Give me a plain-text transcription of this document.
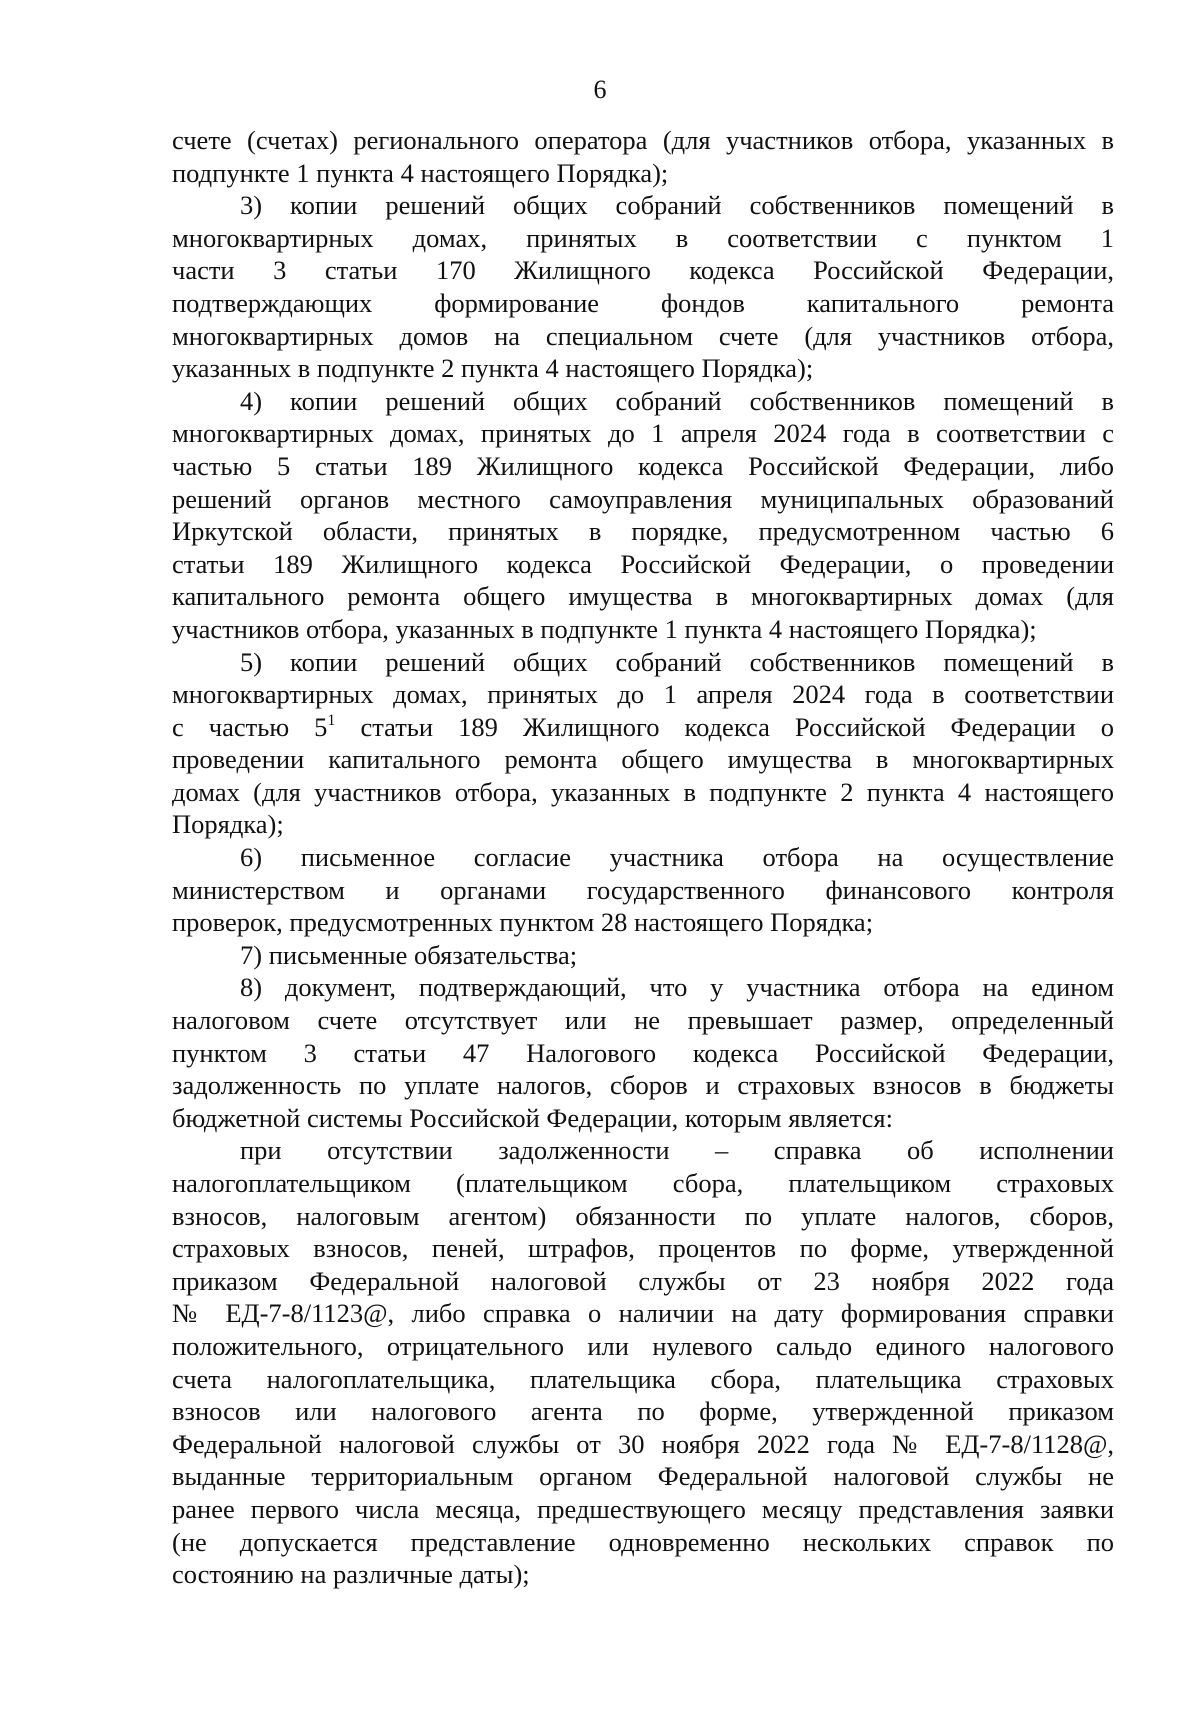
6
счете (счетах) регионального оператора (для участников отбора, указанных в
подпункте 1 пункта 4 настоящего Порядка);
3) копии решений общих собраний собственников помещений в
многоквартирных домах, принятых в соответствии с пунктом 1
части 3 статьи 170 Жилищного кодекса Российской Федерации,
подтверждающих формирование фондов капитального ремонта
многоквартирных домов на специальном счете (для участников отбора,
указанных в подпункте 2 пункта 4 настоящего Порядка);
4) копии решений общих собраний собственников помещений в
многоквартирных домах, принятых до 1 апреля 2024 года в соответствии с
частью 5 статьи 189 Жилищного кодекса Российской Федерации, либо
решений органов местного самоуправления муниципальных образований
Иркутской области, принятых в порядке, предусмотренном частью 6
статьи 189 Жилищного кодекса Российской Федерации, о проведении
капитального ремонта общего имущества в многоквартирных домах (для
участников отбора, указанных в подпункте 1 пункта 4 настоящего Порядка);
5) копии решений общих собраний собственников помещений в
многоквартирных домах, принятых до 1 апреля 2024 года в соответствии
с частью $5^1$ статьи 189 Жилищного кодекса Российской Федерации о
проведении капитального ремонта общего имущества в многоквартирных
домах (для участников отбора, указанных в подпункте 2 пункта 4 настоящего
Порядка);
6) письменное согласие участника отбора на осуществление
министерством и органами государственного финансового контроля
проверок, предусмотренных пунктом 28 настоящего Порядка;
7) письменные обязательства;
8) документ, подтверждающий, что у участника отбора на едином
налоговом счете отсутствует или не превышает размер, определенный
пунктом 3 статьи 47 Налогового кодекса Российской Федерации,
задолженность по уплате налогов, сборов и страховых взносов в бюджеты
бюджетной системы Российской Федерации, которым является:
при отсутствии задолженности – справка об исполнении
налогоплательщиком (плательщиком сбора, плательщиком страховых
взносов, налоговым агентом) обязанности по уплате налогов, сборов,
страховых взносов, пеней, штрафов, процентов по форме, утвержденной
приказом Федеральной налоговой службы от 23 ноября 2022 года
№ ЕД-7-8/1123@, либо справка о наличии на дату формирования справки
положительного, отрицательного или нулевого сальдо единого налогового
счета налогоплательщика, плательщика сбора, плательщика страховых
взносов или налогового агента по форме, утвержденной приказом
Федеральной налоговой службы от 30 ноября 2022 года № ЕД-7-8/1128@,
выданные территориальным органом Федеральной налоговой службы не
ранее первого числа месяца, предшествующего месяцу представления заявки
(не допускается представление одновременно нескольких справок по
состоянию на различные даты);
